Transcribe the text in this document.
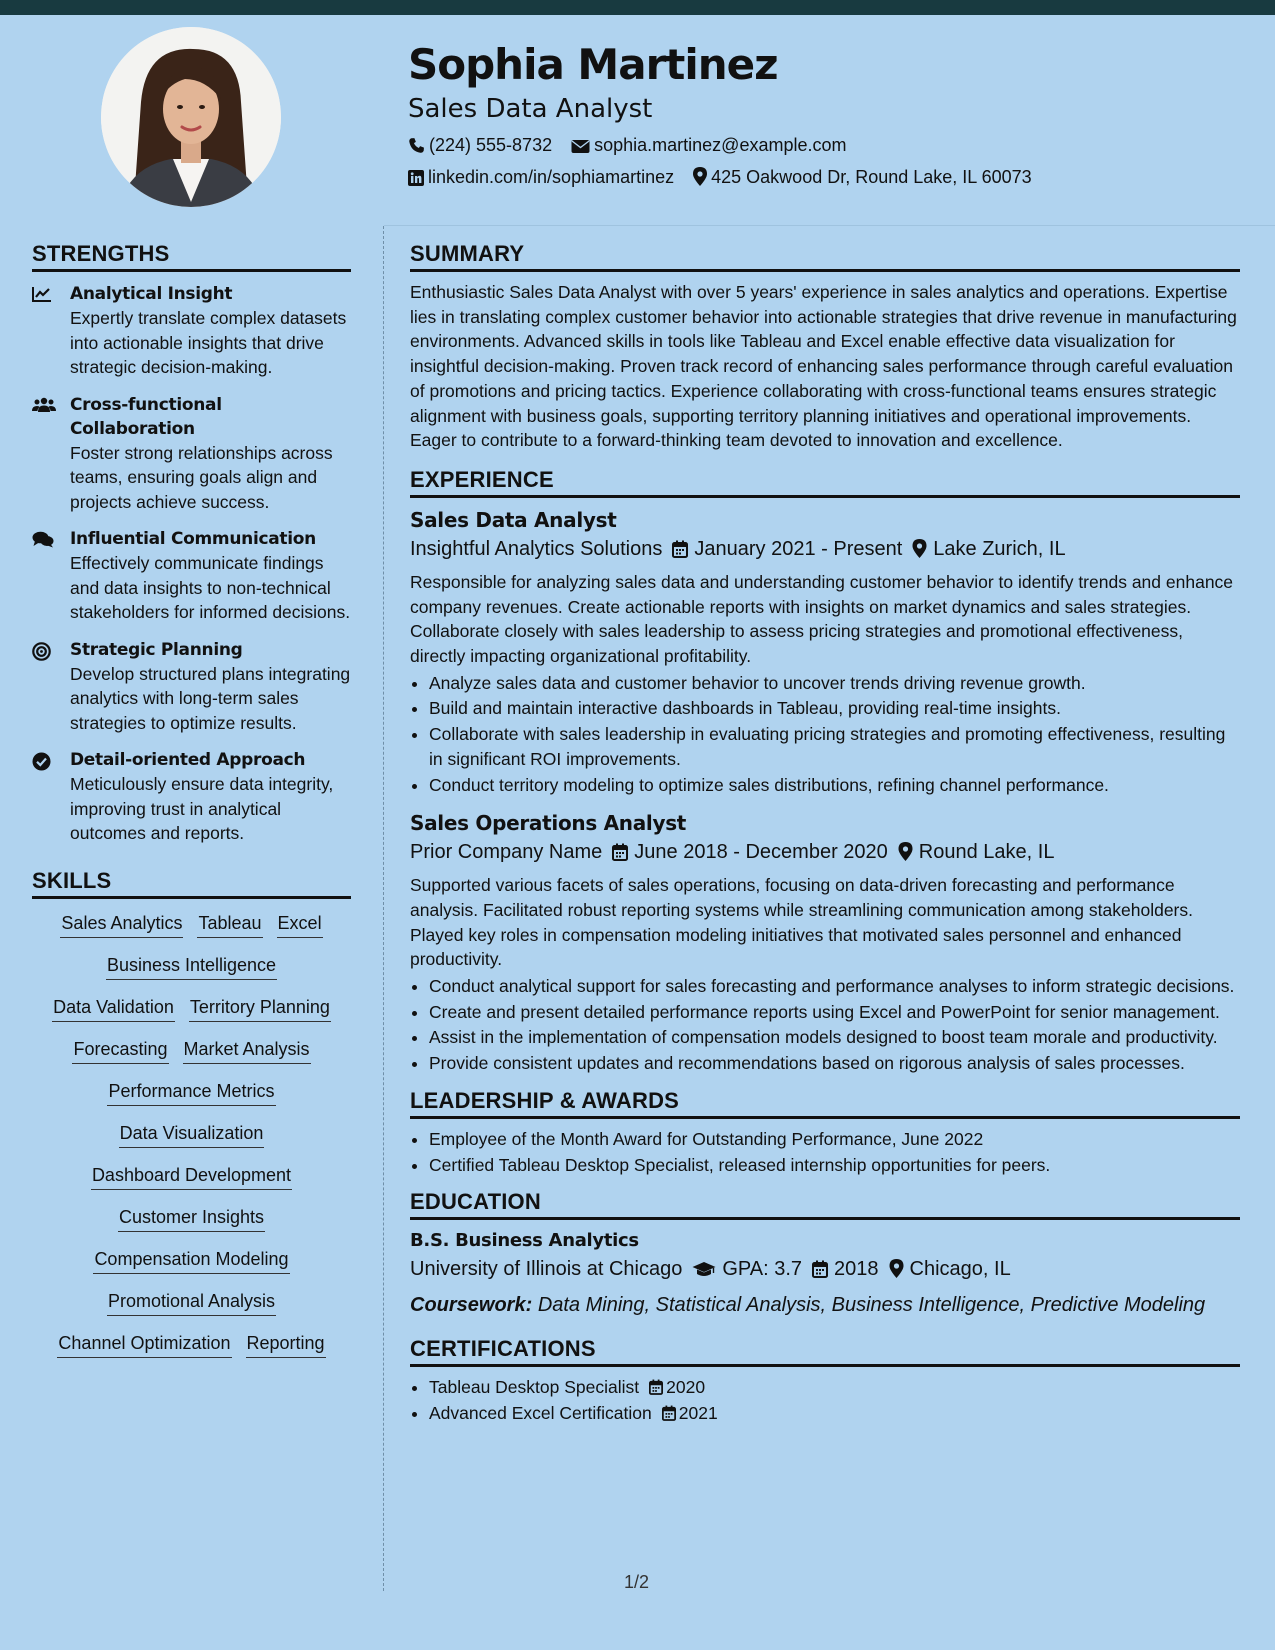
Sophia Martinez
Sales Data Analyst
(224) 555-8732 sophia.martinez@example.com
linkedin.com/in/sophiamartinez 425 Oakwood Dr, Round Lake, IL 60073
STRENGTHS
Analytical Insight
Expertly translate complex datasets into actionable insights that drive strategic decision-making.
Cross-functional Collaboration
Foster strong relationships across teams, ensuring goals align and projects achieve success.
Influential Communication
Effectively communicate findings and data insights to non-technical stakeholders for informed decisions.
Strategic Planning
Develop structured plans integrating analytics with long-term sales strategies to optimize results.
Detail-oriented Approach
Meticulously ensure data integrity, improving trust in analytical outcomes and reports.
SKILLS
Sales Analytics Tableau Excel
Business Intelligence
Data Validation Territory Planning
Forecasting Market Analysis
Performance Metrics
Data Visualization
Dashboard Development
Customer Insights
Compensation Modeling
Promotional Analysis
Channel Optimization Reporting
SUMMARY
Enthusiastic Sales Data Analyst with over 5 years' experience in sales analytics and operations. Expertise lies in translating complex customer behavior into actionable strategies that drive revenue in manufacturing environments. Advanced skills in tools like Tableau and Excel enable effective data visualization for insightful decision-making. Proven track record of enhancing sales performance through careful evaluation of promotions and pricing tactics. Experience collaborating with cross-functional teams ensures strategic alignment with business goals, supporting territory planning initiatives and operational improvements. Eager to contribute to a forward-thinking team devoted to innovation and excellence.
EXPERIENCE
Sales Data Analyst
Insightful Analytics Solutions January 2021 - Present Lake Zurich, IL
Responsible for analyzing sales data and understanding customer behavior to identify trends and enhance company revenues. Create actionable reports with insights on market dynamics and sales strategies. Collaborate closely with sales leadership to assess pricing strategies and promotional effectiveness, directly impacting organizational profitability.
• Analyze sales data and customer behavior to uncover trends driving revenue growth.
• Build and maintain interactive dashboards in Tableau, providing real-time insights.
• Collaborate with sales leadership in evaluating pricing strategies and promoting effectiveness, resulting in significant ROI improvements.
• Conduct territory modeling to optimize sales distributions, refining channel performance.
Sales Operations Analyst
Prior Company Name June 2018 - December 2020 Round Lake, IL
Supported various facets of sales operations, focusing on data-driven forecasting and performance analysis. Facilitated robust reporting systems while streamlining communication among stakeholders. Played key roles in compensation modeling initiatives that motivated sales personnel and enhanced productivity.
• Conduct analytical support for sales forecasting and performance analyses to inform strategic decisions.
• Create and present detailed performance reports using Excel and PowerPoint for senior management.
• Assist in the implementation of compensation models designed to boost team morale and productivity.
• Provide consistent updates and recommendations based on rigorous analysis of sales processes.
LEADERSHIP & AWARDS
• Employee of the Month Award for Outstanding Performance, June 2022
• Certified Tableau Desktop Specialist, released internship opportunities for peers.
EDUCATION
B.S. Business Analytics
University of Illinois at Chicago GPA: 3.7 2018 Chicago, IL
Coursework: Data Mining, Statistical Analysis, Business Intelligence, Predictive Modeling
CERTIFICATIONS
• Tableau Desktop Specialist 2020
• Advanced Excel Certification 2021
1/2
